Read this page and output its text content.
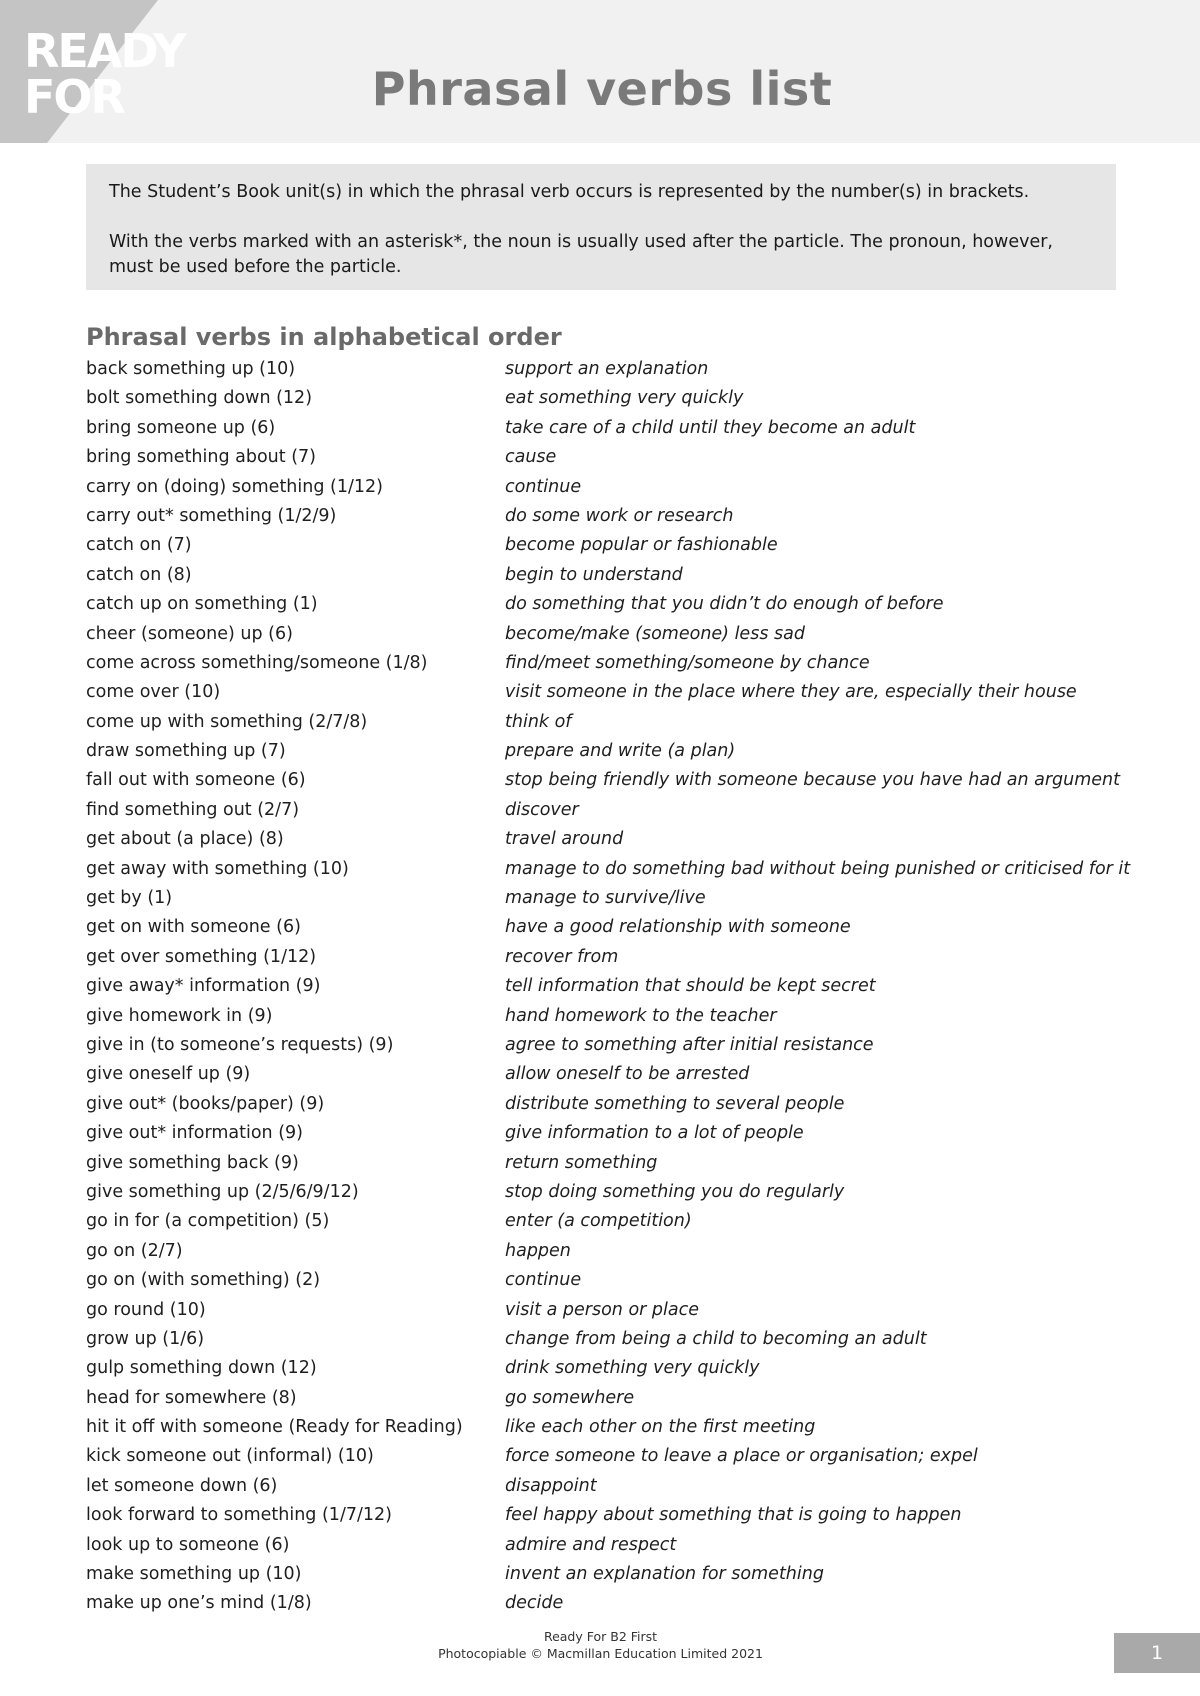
READY
FOR	Phrasal verbs list

The Student’s Book unit(s) in which the phrasal verb occurs is represented by the number(s) in brackets.

With the verbs marked with an asterisk*, the noun is usually used after the particle. The pronoun, however, must be used before the particle.

Phrasal verbs in alphabetical order
back something up (10)	support an explanation
bolt something down (12)	eat something very quickly
bring someone up (6)	take care of a child until they become an adult
bring something about (7)	cause
carry on (doing) something (1/12)	continue
carry out* something (1/2/9)	do some work or research
catch on (7)	become popular or fashionable
catch on (8)	begin to understand
catch up on something (1)	do something that you didn’t do enough of before
cheer (someone) up (6)	become/make (someone) less sad
come across something/someone (1/8)	find/meet something/someone by chance
come over (10)	visit someone in the place where they are, especially their house
come up with something (2/7/8)	think of
draw something up (7)	prepare and write (a plan)
fall out with someone (6)	stop being friendly with someone because you have had an argument
find something out (2/7)	discover
get about (a place) (8)	travel around
get away with something (10)	manage to do something bad without being punished or criticised for it
get by (1)	manage to survive/live
get on with someone (6)	have a good relationship with someone
get over something (1/12)	recover from
give away* information (9)	tell information that should be kept secret
give homework in (9)	hand homework to the teacher
give in (to someone’s requests) (9)	agree to something after initial resistance
give oneself up (9)	allow oneself to be arrested
give out* (books/paper) (9)	distribute something to several people
give out* information (9)	give information to a lot of people
give something back (9)	return something
give something up (2/5/6/9/12)	stop doing something you do regularly
go in for (a competition) (5)	enter (a competition)
go on (2/7)	happen
go on (with something) (2)	continue
go round (10)	visit a person or place
grow up (1/6)	change from being a child to becoming an adult
gulp something down (12)	drink something very quickly
head for somewhere (8)	go somewhere
hit it off with someone (Ready for Reading) like each other on the first meeting
kick someone out (informal) (10)	force someone to leave a place or organisation; expel
let someone down (6)	disappoint
look forward to something (1/7/12)	feel happy about something that is going to happen
look up to someone (6)	admire and respect
make something up (10)	invent an explanation for something
make up one’s mind (1/8)	decide
Ready For B2 First
Photocopiable © Macmillan Education Limited 2021	1
